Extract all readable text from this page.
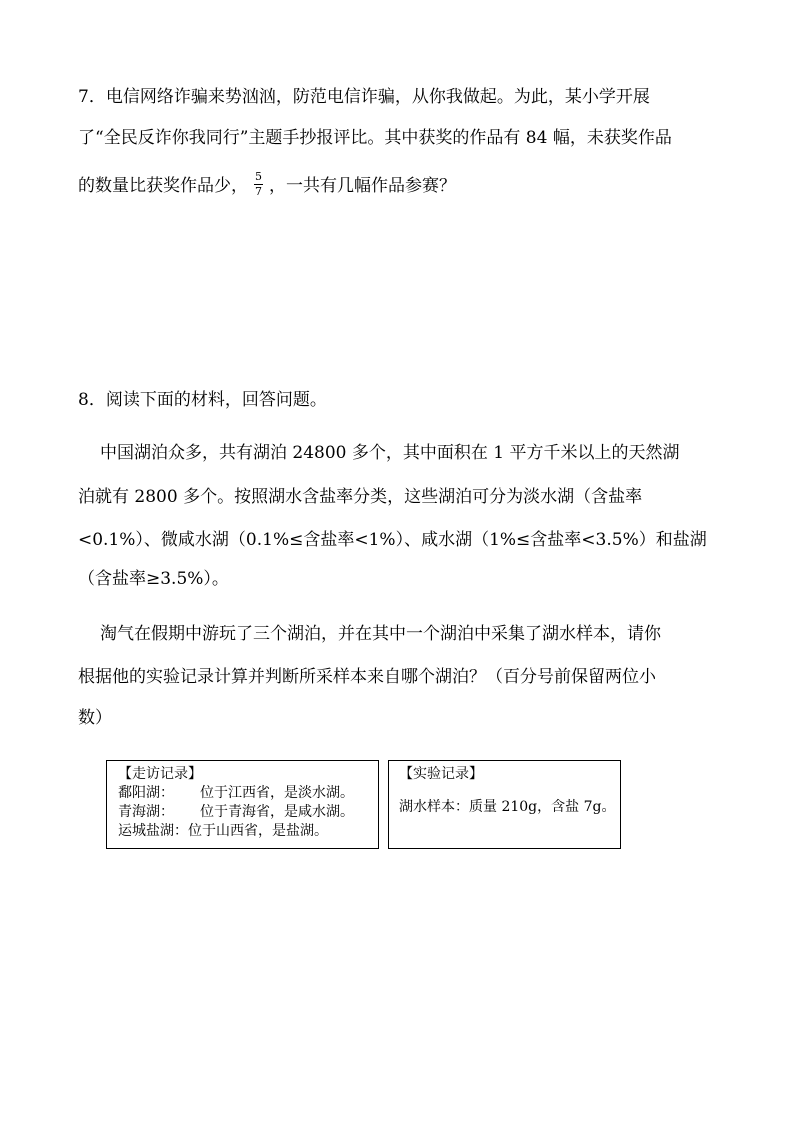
7．电信网络诈骗来势汹汹，防范电信诈骗，从你我做起。为此，某小学开展
了“全民反诈你我同行”主题手抄报评比。其中获奖的作品有 84 幅，未获奖作品
的数量比获奖作品少， $\frac{5}{7}$ ，一共有几幅作品参赛？
8．阅读下面的材料，回答问题。
中国湖泊众多，共有湖泊 24800 多个，其中面积在 1 平方千米以上的天然湖
泊就有 2800 多个。按照湖水含盐率分类，这些湖泊可分为淡水湖（含盐率
<0.1%）、微咸水湖（0.1%≤含盐率<1%）、咸水湖（1%≤含盐率<3.5%）和盐湖
（含盐率≥3.5%）。
淘气在假期中游玩了三个湖泊，并在其中一个湖泊中采集了湖水样本，请你
根据他的实验记录计算并判断所采样本来自哪个湖泊？（百分号前保留两位小
数）
【走访记录】
鄱阳湖： 位于江西省，是淡水湖。
青海湖： 位于青海省，是咸水湖。
运城盐湖：位于山西省，是盐湖。
【实验记录】
湖水样本：质量 210g，含盐 7g。
